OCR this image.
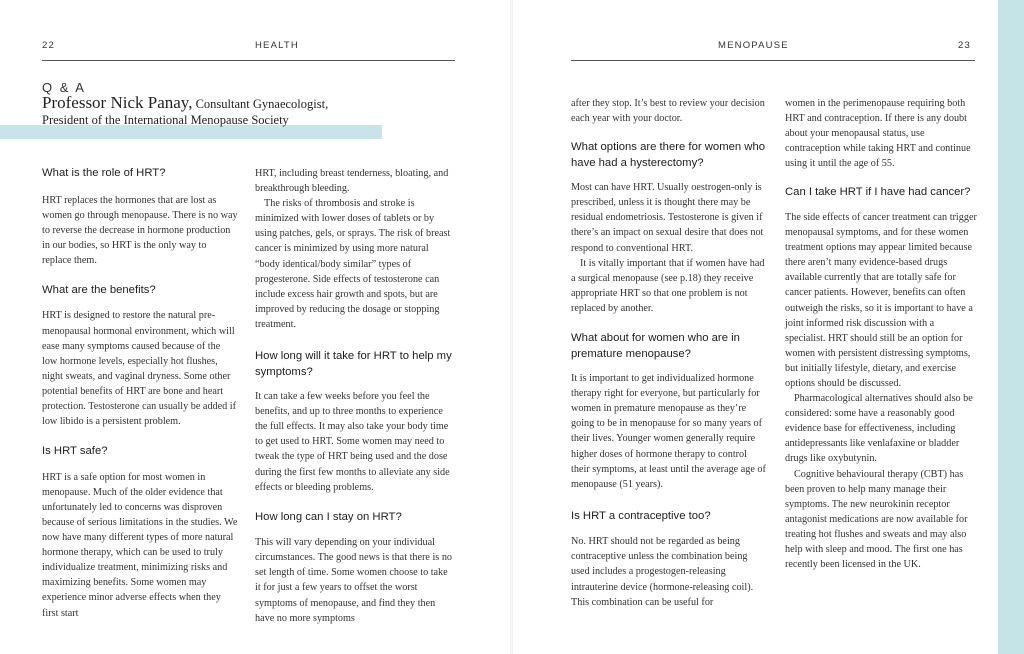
22	HEALTH	MENOPAUSE	23
Q & A
Professor Nick Panay, Consultant Gynaecologist,
President of the International Menopause Society
What is the role of HRT?

HRT replaces the hormones that are lost as women go through menopause. There is no way to reverse the decrease in hormone production in our bodies, so HRT is the only way to replace them.

What are the benefits?

HRT is designed to restore the natural pre-menopausal hormonal environment, which will ease many symptoms caused because of the low hormone levels, especially hot flushes, night sweats, and vaginal dryness. Some other potential benefits of HRT are bone and heart protection. Testosterone can usually be added if low libido is a persistent problem.

Is HRT safe?

HRT is a safe option for most women in menopause. Much of the older evidence that unfortunately led to concerns was disproven because of serious limitations in the studies. We now have many different types of more natural hormone therapy, which can be used to truly individualize treatment, minimizing risks and maximizing benefits. Some women may experience minor adverse effects when they first start

HRT, including breast tenderness, bloating, and breakthrough bleeding.

The risks of thrombosis and stroke is minimized with lower doses of tablets or by using patches, gels, or sprays. The risk of breast cancer is minimized by using more natural “body identical/body similar” types of progesterone. Side effects of testosterone can include excess hair growth and spots, but are improved by reducing the dosage or stopping treatment.

How long will it take for HRT to help my symptoms?

It can take a few weeks before you feel the benefits, and up to three months to experience the full effects. It may also take your body time to get used to HRT. Some women may need to tweak the type of HRT being used and the dose during the first few months to alleviate any side effects or bleeding problems.

How long can I stay on HRT?

This will vary depending on your individual circumstances. The good news is that there is no set length of time. Some women choose to take it for just a few years to offset the worst symptoms of menopause, and find they then have no more symptoms

after they stop. It’s best to review your decision each year with your doctor.

What options are there for women who have had a hysterectomy?

Most can have HRT. Usually oestrogen-only is prescribed, unless it is thought there may be residual endometriosis. Testosterone is given if there’s an impact on sexual desire that does not respond to conventional HRT.

It is vitally important that if women have had a surgical menopause (see p.18) they receive appropriate HRT so that one problem is not replaced by another.

What about for women who are in premature menopause?

It is important to get individualized hormone therapy right for everyone, but particularly for women in premature menopause as they’re going to be in menopause for so many years of their lives. Younger women generally require higher doses of hormone therapy to control their symptoms, at least until the average age of menopause (51 years).

Is HRT a contraceptive too?

No. HRT should not be regarded as being contraceptive unless the combination being used includes a progestogen-releasing intrauterine device (hormone-releasing coil). This combination can be useful for

women in the perimenopause requiring both HRT and contraception. If there is any doubt about your menopausal status, use contraception while taking HRT and continue using it until the age of 55.

Can I take HRT if I have had cancer?

The side effects of cancer treatment can trigger menopausal symptoms, and for these women treatment options may appear limited because there aren’t many evidence-based drugs available currently that are totally safe for cancer patients. However, benefits can often outweigh the risks, so it is important to have a joint informed risk discussion with a specialist. HRT should still be an option for women with persistent distressing symptoms, but initially lifestyle, dietary, and exercise options should be discussed.

Pharmacological alternatives should also be considered: some have a reasonably good evidence base for effectiveness, including antidepressants like venlafaxine or bladder drugs like oxybutynin.

Cognitive behavioural therapy (CBT) has been proven to help many manage their symptoms. The new neurokinin receptor antagonist medications are now available for treating hot flushes and sweats and may also help with sleep and mood. The first one has recently been licensed in the UK.
